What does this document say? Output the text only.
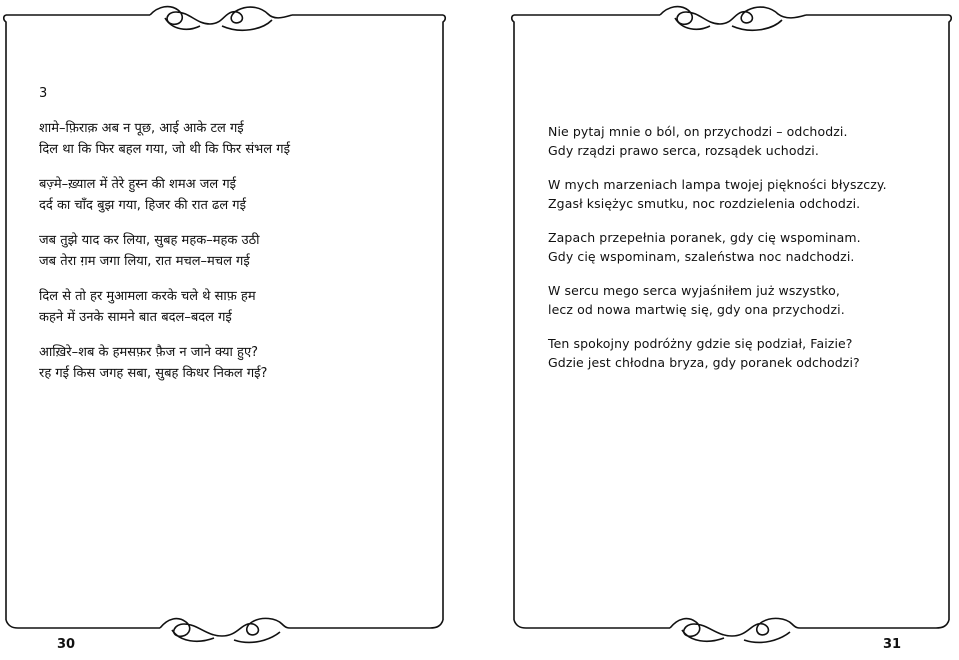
3
शामे–फ़िराक़ अब न पूछ, आई आके टल गई
दिल था कि फिर बहल गया, जो थी कि फिर संभल गई
बज़्मे–ख़्याल में तेरे हुस्न की शमअ जल गई
दर्द का चाँद बुझ गया, हिजर की रात ढल गई
जब तुझे याद कर लिया, सुबह महक–महक उठी
जब तेरा ग़म जगा लिया, रात मचल–मचल गई
दिल से तो हर मुआमला करके चले थे साफ़ हम
कहने में उनके सामने बात बदल–बदल गई
आख़िरे–शब के हमसफ़र फ़ैज न जाने क्या हुए?
रह गई किस जगह सबा, सुबह किधर निकल गई?
Nie pytaj mnie o ból, on przychodzi – odchodzi.
Gdy rządzi prawo serca, rozsądek uchodzi.
W mych marzeniach lampa twojej piękności błyszczy.
Zgasł księżyc smutku, noc rozdzielenia odchodzi.
Zapach przepełnia poranek, gdy cię wspominam.
Gdy cię wspominam, szaleństwa noc nadchodzi.
W sercu mego serca wyjaśniłem już wszystko,
lecz od nowa martwię się, gdy ona przychodzi.
Ten spokojny podróżny gdzie się podział, Faizie?
Gdzie jest chłodna bryza, gdy poranek odchodzi?
30	31
